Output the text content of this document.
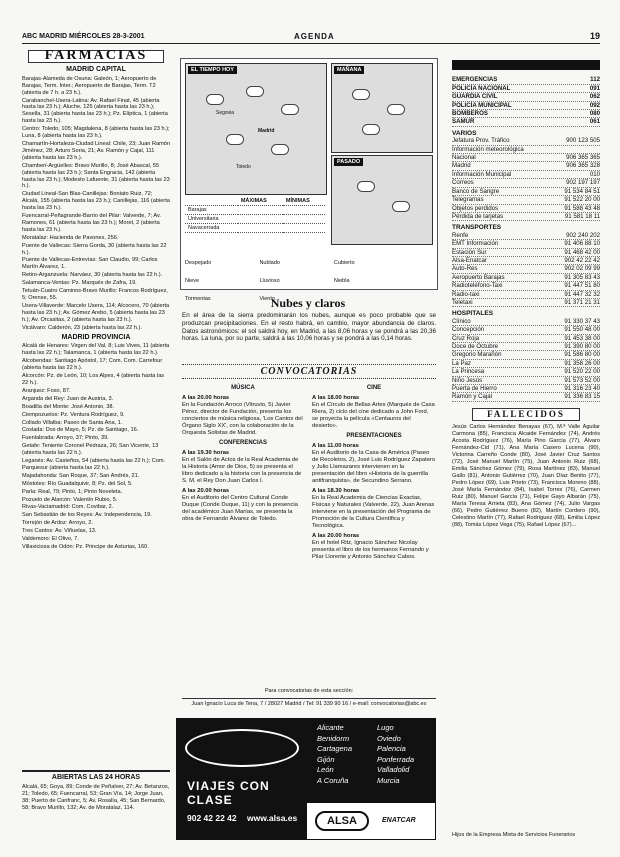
ABC MADRID MIÉRCOLES 28-3-2001	AGENDA	19
FARMACIAS
MADRID CAPITAL

Barajas-Alameda de Osuna: Galeón, 1; Aeropuerto de Barajas, Term. Inter.; Aeropuerto de Barajas, Term. T2 (abierta de 7 h. a 23 h.).

Carabanchel-Usera-Latina: Av. Rafael Finat, 45 (abierta hasta las 23 h.); Aluche, 125 (abierta hasta las 23 h.); Sesella, 31 (abierta hasta las 23 h.); Pz. Elíptica, 1 (abierta hasta las 23 h.).

Centro: Toledo, 105; Magdalena, 8 (abierta hasta las 23 h.); Luna, 8 (abierta hasta las 23 h.).

Chamartín-Hortaleza-Ciudad Lineal: Chile, 23; Juan Ramón Jiménez, 28; Arturo Soria, 21; Av. Ramón y Cajal, 111 (abierta hasta las 23 h.).

Chamberí-Argüelles: Bravo Murillo, 8; José Abascal, 55 (abierta hasta las 23 h.); Santa Engracia, 142 (abierta hasta las 23 h.); Modesto Lafuente, 31 (abierta hasta las 23 h.).

Ciudad Lineal-San Blas-Canillejas: Boniato Ruiz, 72; Alcalá, 155 (abierta hasta las 23 h.); Canillejas, 116 (abierta hasta las 23 h.).

Fuencarral-Peñagrande-Barrio del Pilar: Valverde, 7; Av. Ramones, 61 (abierta hasta las 23 h.); Moret, 2 (abierta hasta las 23 h.).

Moratalaz: Hacienda de Pavones, 256.

Puente de Vallecas: Sierra Gorda, 30 (abierta hasta las 22 h.).

Puente de Vallecas-Entrevías: San Claudio, 99; Carlos Martín Álvarez, 1.

Retiro-Arganzuela: Narváez, 30 (abierta hasta las 22 h.).

Salamanca-Ventas: Pz. Marqués de Zafra, 19.

Tetuán-Cuatro Caminos-Bravo Murillo: Francos Rodríguez, 5; Orense, 55.

Usera-Villaverde: Marcelo Usera, 114; Alcocero, 70 (abierta hasta las 23 h.); Av. Gómez Arebo, 5 (abierta hasta las 23 h.); Av. Orcasitas, 2 (abierta hasta las 23 h.).

Vicálvaro: Calderón, 23 (abierta hasta las 22 h.).

MADRID PROVINCIA

Alcalá de Henares: Virgen del Val, 8; Luis Vives, 11 (abierta hasta las 22 h.); Talamanca, 1 (abierta hasta las 22 h.).

Alcobendas: Santiago Apóstol, 17; Com. Com. Carrefour (abierta hasta las 22 h.).

Alcorcón: Pz. de León, 10; Los Alpes, 4 (abierta hasta las 22 h.).

Aranjuez: Foso, 87.

Arganda del Rey: Juan de Austria, 3.

Boadilla del Monte: José Antonio, 38.

Ciempozuelos: Pz. Ventura Rodríguez, 9.

Collado Villalba: Paseo de Santa Ana, 1.

Coslada: Dos de Mayo, 5; Pz. de Santiago, 16.

Fuenlabrada: Arroyo, 37; Pinto, 39.

Getafe: Teniente Coronel Pedraza, 26; San Vicente, 13 (abierta hasta las 22 h.).

Leganés: Av. Casteños, 54 (abierta hasta las 22 h.); Com. Parquesur (abierta hasta las 22 h.).

Majadahonda: San Roque, 37; San Andrés, 21.

Móstoles: Río Guadalquivir, 8; Pz. del Sol, 5.

Parla: Real, 79; Pinto, 1; Pinto Noveleta.

Pozuelo de Alarcón: Valentín Rubio, 5.

Rivas-Vaciamadrid: Com. Covibar, 2.

San Sebastián de los Reyes: Av. Independencia, 19.

Torrejón de Ardoz: Arroyo, 2.

Tres Cantos: Av. Viñuelas, 13.

Valdemoro: El Olivo, 7.

Villaviciosa de Odón: Pz. Principe de Asturias, 160.

ABIERTAS LAS 24 HORAS
Alcalá, 65; Goya, 89; Conde de Peñalver, 27; Av. Betanzos, 21; Toledo, 65; Fuencarral, 53; Gran Vía, 14; Jorge Juan, 38; Puerto de Canfranc, 5; Av. Rosalía, 45; San Bernardo, 58; Bravo Murillo, 132; Av. de Moratalaz, 114.
EL TIEMPO HOY
Segovia
Madrid
Toledo
MAÑANA
PASADO
	MÁXIMAS	MÍNIMAS
Barajas		
Universitaria		
Navacerrada		
Despejado	Nublado	Cubierto Nieve	Lluvioso	Niebla Tormentas	Viento
Nubes y claros
En el área de la sierra predominarán los nubes, aunque es poco probable que se produzcan precipitaciones. En el resto habrá, en cambio, mayor abundancia de claros. Datos astronómicos: el sol saldrá hoy, en Madrid, a las 8,06 horas y se pondrá a las 20,36 horas. La luna, por su parte, saldrá a las 10,06 horas y se pondrá a las 0,14 horas.
CONVOCATORIAS
MÚSICA
A las 20.00 horas
En la Fundación Arroco (Vitruvio, 5) Javier Pérez, director de Fundación, presenta los conciertos de música religiosa, 'Los Cantos del Órgano Siglo XX', con la colaboración de la Orquesta Solistas de Madrid.
CONFERENCIAS
A las 19.30 horas
En el Salón de Actos de la Real Academia de la Historia (Amor de Dios, 5) se presenta el libro dedicado a la historia con la presencia de S. M. el Rey Don Juan Carlos I.
A las 20.00 horas
En el Auditorio del Centro Cultural Conde Duque (Conde Duque, 11) y con la presencia del académico Juan Marías, se presenta la obra de Fernando Álvarez de Toledo.
CINE
A las 18.00 horas
En el Círculo de Bellas Artes (Marqués de Casa Riera, 2) ciclo del cine dedicado a John Ford, se proyecta la película «Centauros del desierto».
PRESENTACIONES
A las 11.00 horas
En el Auditorio de la Casa de América (Paseo de Recoletos, 2), José Luis Rodríguez Zapatero y Julio Llamazares intervienen en la presentación del libro «Historia de la guerrilla antifranquista», de Secundino Serrano.
A las 18.30 horas
En la Real Academia de Ciencias Exactas, Físicas y Naturales (Valverde, 22), Juan Arenas interviene en la presentación del Programa de Promoción de la Cultura Científica y Tecnológica.
A las 20.00 horas
En el hotel Ritz, Ignacio Sánchez Nicolay presenta el libro de los hermanos Fernando y Pilar Llorente y Antonio Sánchez Cabos.
Para convocatorias de esta sección:
Juan Ignacio Luca de Tena, 7 / 28027 Madrid / Tel: 91 339 90 16 / e-mail: convocatorias@abc.es
VIAJES CON CLASE
902 42 22 42 www.alsa.es
Alicante
Benidorm
Cartagena
Gijón
León
A Coruña
Lugo
Oviedo
Palencia
Ponferrada
Valladolid
Murcia
ALSA	ENATCAR
EMERGENCIAS	112
POLICÍA NACIONAL	091
GUARDIA CIVIL	062
POLICÍA MUNICIPAL	092
BOMBEROS	080
SAMUR	061
VARIOS
Jefatura Prov. Tráfico	900 123 505
Información meteorológica
Nacional	906 365 365
Madrid	906 365 328
Información Municipal	010
Correos	902 197 197
Banco de Sangre	91 534 84 51
Telegramas	91 522 20 00
Objetos perdidos	91 588 43 48
Pérdida de tarjetas	91 581 18 11
TRANSPORTES
Renfe	902 240 202
EMT Información	91 406 88 10
Estación Sur	91 468 42 00
Alsa-Enatcar	902 42 22 42
Auto-Res	902 02 09 99
Aeropuerto Barajas	91 305 83 43
Radioteléfono-Taxi	91 447 51 80
Radio-taxi	91 447 32 32
Teletaxi	91 371 21 31
HOSPITALES
Clínico	91 330 37 43
Concepción	91 550 48 00
Cruz Roja	91 453 38 00
Doce de Octubre	91 390 80 00
Gregorio Marañón	91 586 80 00
La Paz	91 358 26 00
La Princesa	91 520 22 00
Niño Jesús	91 573 52 00
Puerta de Hierro	91 316 23 40
Ramón y Cajal	91 336 83 15
FALLECIDOS
Jesús Carlos Hernández Benayas (67), M.ª Valle Aguilar Carmona (85), Francisca Alcaide Fernández (74), Andrés Acosta Rodríguez (76), María Pino García (77), Álvaro Fernández-Cid (71), Ana María Casero Lucena (90), Victorina Carreño Conde (80), José Javier Cruz Santos (72), José Manuel Martín (75), Juan Antonio Ruiz (68), Emilia Sánchez Gómez (79), Rosa Martínez (83), Manuel Gallo (81), Antonio Gutiérrez (70), Juan Díaz Benito (77), Pedro López (69), Luis Prieto (73), Francisca Moreno (88), José María Fernández (84), Isabel Torres (76), Carmen Ruiz (80), Manuel García (71), Felipe Gayo Albarán (75), María Teresa Arrieta (83), Ana Gómez (74), Julio Vargas (66), Pedro Gutiérrez Bueno (82), Martín Cordero (90), Celestino Martín (77), Rafael Rodríguez (68), Emilia López (88), Tomás López Vega (75), Rafael López (67)...
Hijos de la Empresa Mixta de Servicios Funerarios
